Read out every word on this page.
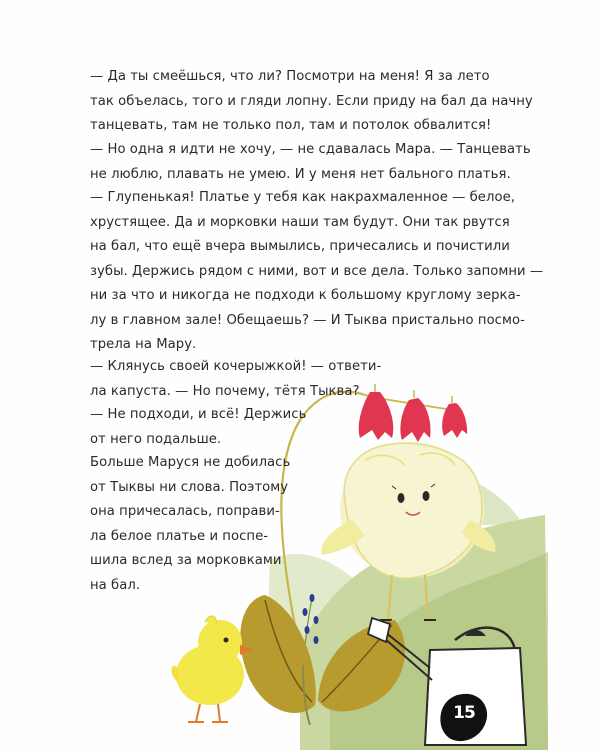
— Да ты смеёшься, что ли? Посмотри на меня! Я за лето
так объелась, того и гляди лопну. Если приду на бал да начну
танцевать, там не только пол, там и потолок обвалится!
— Но одна я идти не хочу, — не сдавалась Мара. — Танцевать
не люблю, плавать не умею. И у меня нет бального платья.
— Глупенькая! Платье у тебя как накрахмаленное — белое,
хрустящее. Да и морковки наши там будут. Они так рвутся
на бал, что ещё вчера вымылись, причесались и почистили
зубы. Держись рядом с ними, вот и все дела. Только запомни —
ни за что и никогда не подходи к большому круглому зерка-
лу в главном зале! Обещаешь? — И Тыква пристально посмо-
трела на Мару.
— Клянусь своей кочерыжкой! — ответи-
ла капуста. — Но почему, тётя Тыква?
— Не подходи, и всё! Держись
от него подальше.
Больше Маруся не добилась
от Тыквы ни слова. Поэтому
она причесалась, поправи-
ла белое платье и поспе-
шила вслед за морковками
на бал.
15
